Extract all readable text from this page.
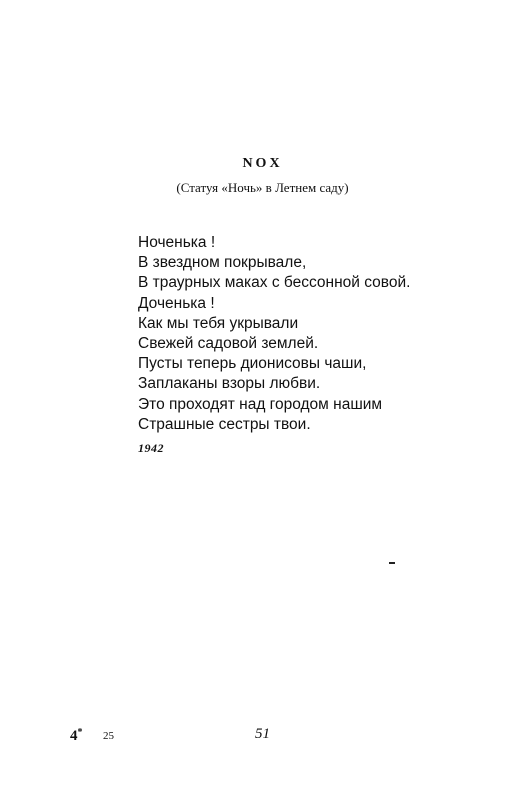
NOX
(Статуя «Ночь» в Летнем саду)
Ноченька !
В звездном покрывале,
В траурных маках с бессонной совой.
Доченька !
Как мы тебя укрывали
Свежей садовой землей.
Пусты теперь дионисовы чаши,
Заплаканы взоры любви.
Это проходят над городом нашим
Страшные сестры твои.
1942
4* 25	51
